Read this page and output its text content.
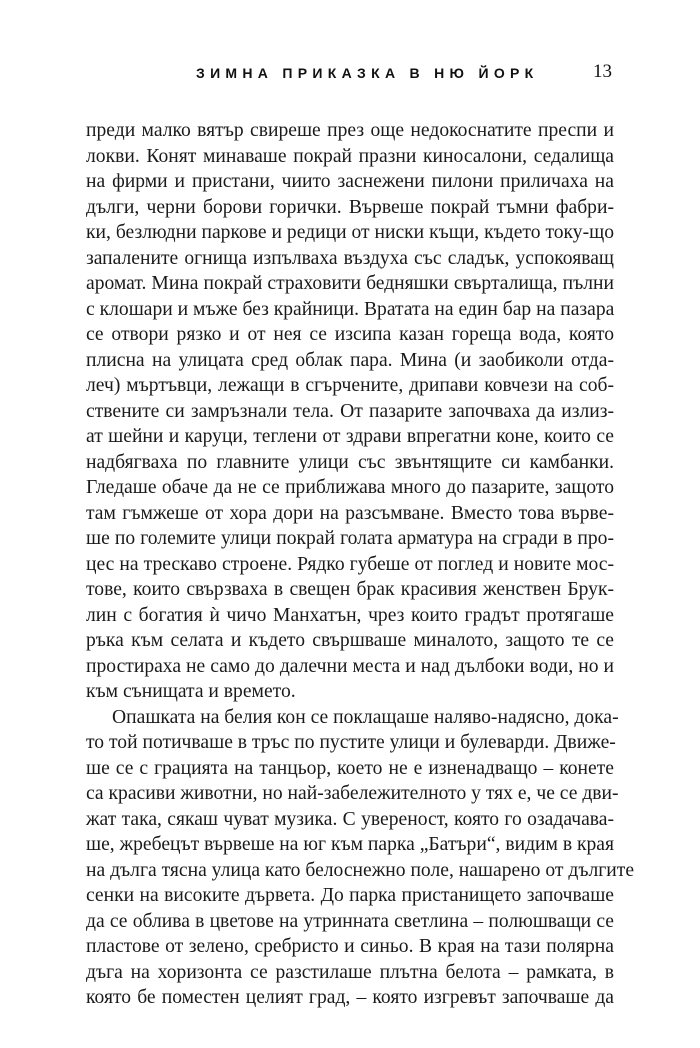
ЗИМНА ПРИКАЗКА В НЮ ЙОРК	13
преди малко вятър свиреше през още недокоснатите преспи и
локви. Конят минаваше покрай празни киносалони, седалища
на фирми и пристани, чиито заснежени пилони приличаха на
дълги, черни борови горички. Вървеше покрай тъмни фабри-
ки, безлюдни паркове и редици от ниски къщи, където току-що
запалените огнища изпълваха въздуха със сладък, успокояващ
аромат. Мина покрай страховити бедняшки свърталища, пълни
с клошари и мъже без крайници. Вратата на един бар на пазара
се отвори рязко и от нея се изсипа казан гореща вода, която
плисна на улицата сред облак пара. Мина (и заобиколи отда-
леч) мъртъвци, лежащи в сгърчените, дрипави ковчези на соб-
ствените си замръзнали тела. От пазарите започваха да излиз-
ат шейни и каруци, теглени от здрави впрегатни коне, които се
надбягваха по главните улици със звънтящите си камбанки.
Гледаше обаче да не се приближава много до пазарите, защото
там гъмжеше от хора дори на разсъмване. Вместо това вървe-
ше по големите улици покрай голата арматура на сгради в про-
цес на трескаво строене. Рядко губеше от поглед и новите мос-
тове, които свързваха в свещен брак красивия женствен Брук-
лин с богатия ѝ чичо Манхатън, чрез които градът протягаше
ръка към селата и където свършваше миналото, защото те се
простираха не само до далечни места и над дълбоки води, но и
към сънищата и времето.
Опашката на белия кон се поклащаше наляво-надясно, дока-
то той потичваше в тръс по пустите улици и булеварди. Движе-
ше се с грацията на танцьор, което не е изненадващо – конете
са красиви животни, но най-забележителното у тях е, че се дви-
жат така, сякаш чуват музика. С увереност, която го озадачава-
ше, жребецът вървеше на юг към парка „Батъри“, видим в края
на дълга тясна улица като белоснежно поле, нашарено от дългите
сенки на високите дървета. До парка пристанището започваше
да се облива в цветове на утринната светлина – полюшващи се
пластове от зелено, сребристо и синьо. В края на тази полярна
дъга на хоризонта се разстилаше плътна белота – рамката, в
която бе поместен целият град, – която изгревът започваше да
